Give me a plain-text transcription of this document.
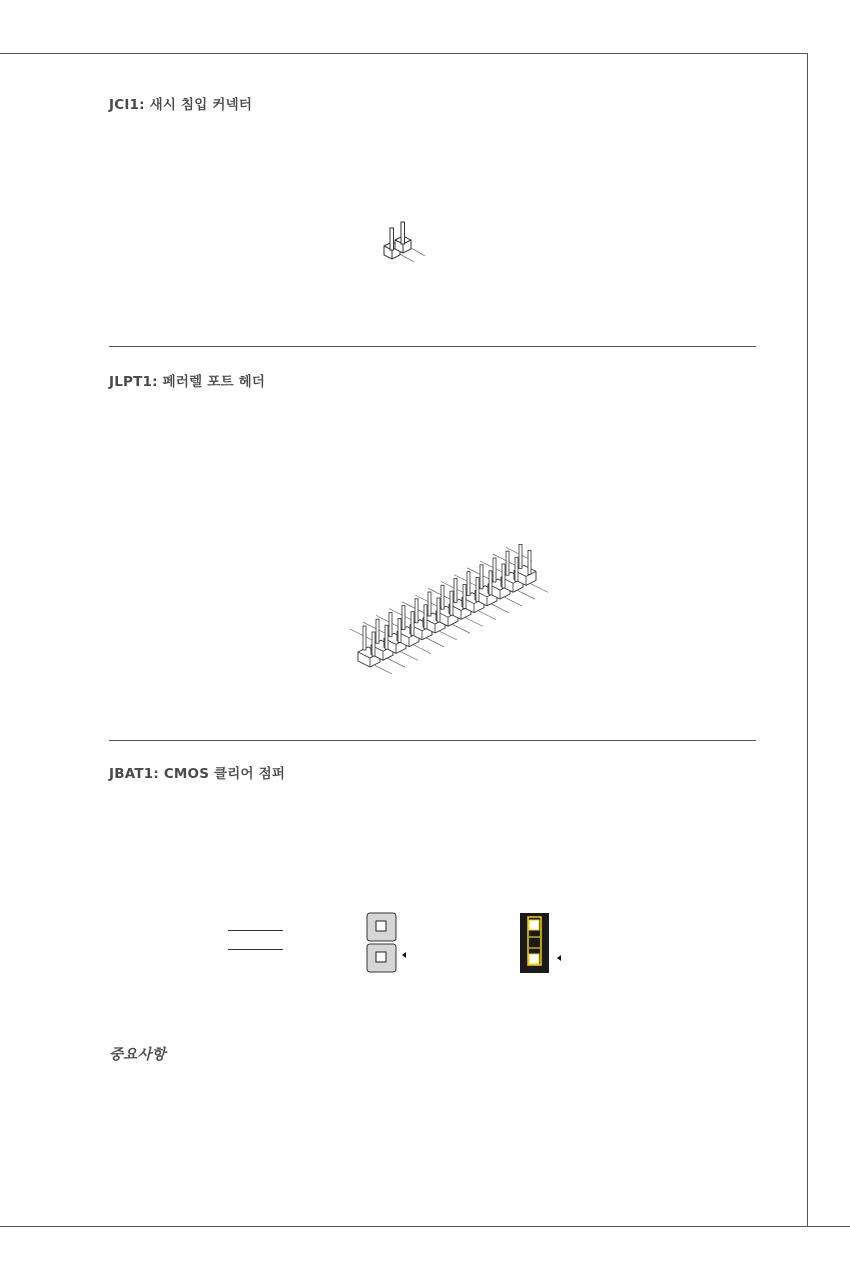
JCI1: 새시 침입 커넥터
JLPT1: 페러렐 포트 헤더
JBAT1: CMOS 클리어 점퍼
중요사항
